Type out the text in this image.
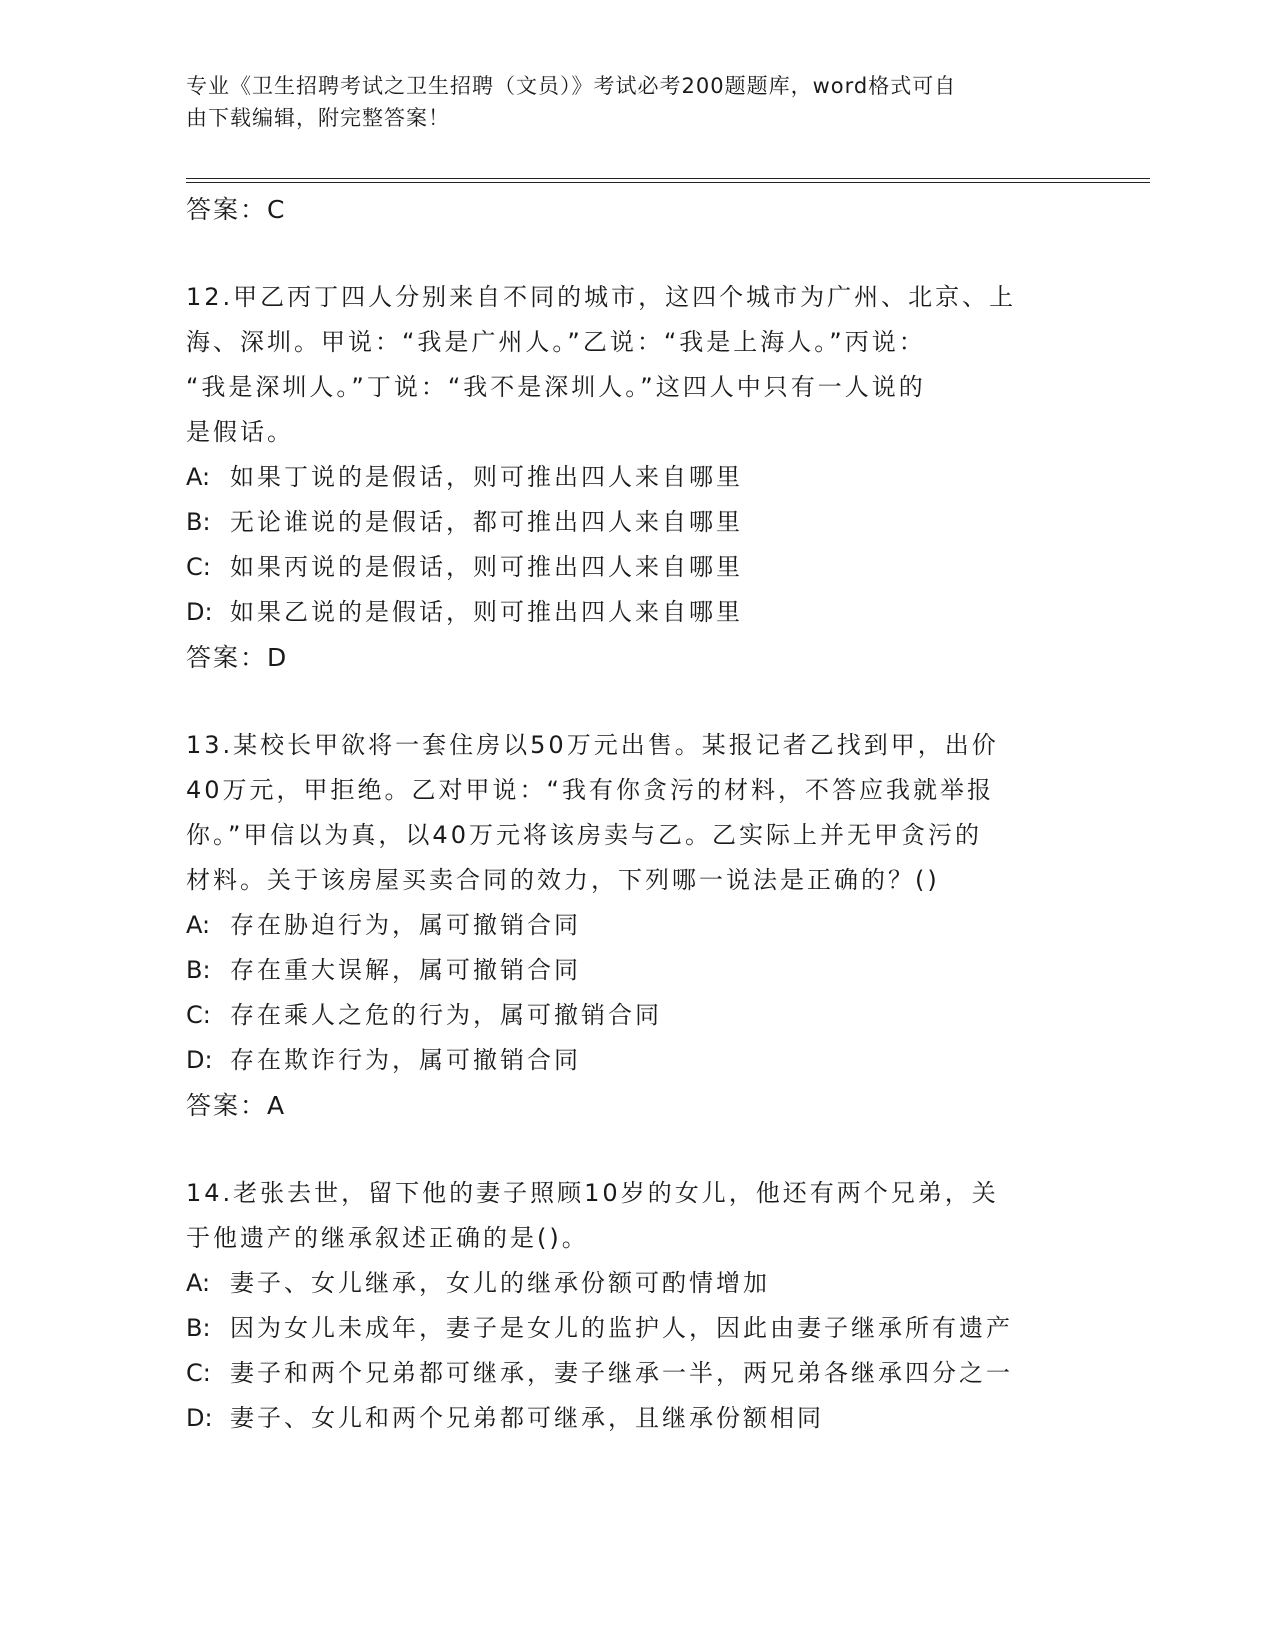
专业《卫生招聘考试之卫生招聘（文员）》考试必考200题题库，word格式可自
由下载编辑，附完整答案！
答案：C
12.甲乙丙丁四人分别来自不同的城市，这四个城市为广州、北京、上
海、深圳。甲说：“我是广州人。”乙说：“我是上海人。”丙说：
“我是深圳人。”丁说：“我不是深圳人。”这四人中只有一人说的
是假话。
A: 如果丁说的是假话，则可推出四人来自哪里
B: 无论谁说的是假话，都可推出四人来自哪里
C: 如果丙说的是假话，则可推出四人来自哪里
D: 如果乙说的是假话，则可推出四人来自哪里
答案：D
13.某校长甲欲将一套住房以50万元出售。某报记者乙找到甲，出价
40万元，甲拒绝。乙对甲说：“我有你贪污的材料，不答应我就举报
你。”甲信以为真，以40万元将该房卖与乙。乙实际上并无甲贪污的
材料。关于该房屋买卖合同的效力，下列哪一说法是正确的？()
A: 存在胁迫行为，属可撤销合同
B: 存在重大误解，属可撤销合同
C: 存在乘人之危的行为，属可撤销合同
D: 存在欺诈行为，属可撤销合同
答案：A
14.老张去世，留下他的妻子照顾10岁的女儿，他还有两个兄弟，关
于他遗产的继承叙述正确的是()。
A: 妻子、女儿继承，女儿的继承份额可酌情增加
B: 因为女儿未成年，妻子是女儿的监护人，因此由妻子继承所有遗产
C: 妻子和两个兄弟都可继承，妻子继承一半，两兄弟各继承四分之一
D: 妻子、女儿和两个兄弟都可继承，且继承份额相同
